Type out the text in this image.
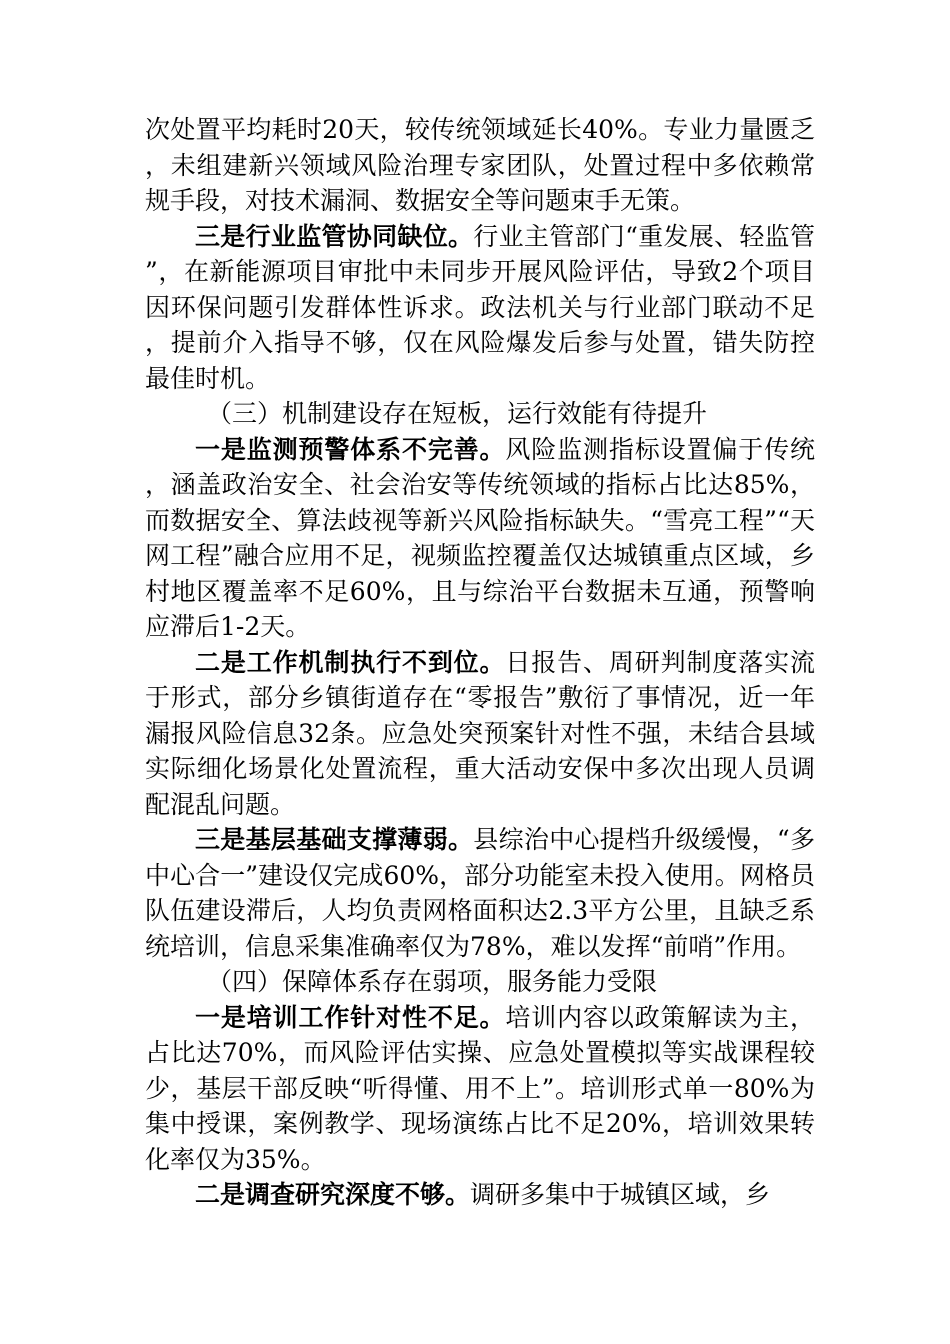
次处置平均耗时20天，较传统领域延长40%。专业力量匮乏，未组建新兴领域风险治理专家团队，处置过程中多依赖常规手段，对技术漏洞、数据安全等问题束手无策。

三是行业监管协同缺位。行业主管部门“重发展、轻监管”，在新能源项目审批中未同步开展风险评估，导致2个项目因环保问题引发群体性诉求。政法机关与行业部门联动不足，提前介入指导不够，仅在风险爆发后参与处置，错失防控最佳时机。

（三）机制建设存在短板，运行效能有待提升

一是监测预警体系不完善。风险监测指标设置偏于传统，涵盖政治安全、社会治安等传统领域的指标占比达85%，而数据安全、算法歧视等新兴风险指标缺失。“雪亮工程”“天网工程”融合应用不足，视频监控覆盖仅达城镇重点区域，乡村地区覆盖率不足60%，且与综治平台数据未互通，预警响应滞后1-2天。

二是工作机制执行不到位。日报告、周研判制度落实流于形式，部分乡镇街道存在“零报告”敷衍了事情况，近一年漏报风险信息32条。应急处突预案针对性不强，未结合县域实际细化场景化处置流程，重大活动安保中多次出现人员调配混乱问题。

三是基层基础支撑薄弱。县综治中心提档升级缓慢，“多中心合一”建设仅完成60%，部分功能室未投入使用。网格员队伍建设滞后，人均负责网格面积达2.3平方公里，且缺乏系统培训，信息采集准确率仅为78%，难以发挥“前哨”作用。

（四）保障体系存在弱项，服务能力受限

一是培训工作针对性不足。培训内容以政策解读为主，占比达70%，而风险评估实操、应急处置模拟等实战课程较少，基层干部反映“听得懂、用不上”。培训形式单一80%为集中授课，案例教学、现场演练占比不足20%，培训效果转化率仅为35%。

二是调查研究深度不够。调研多集中于城镇区域，乡
